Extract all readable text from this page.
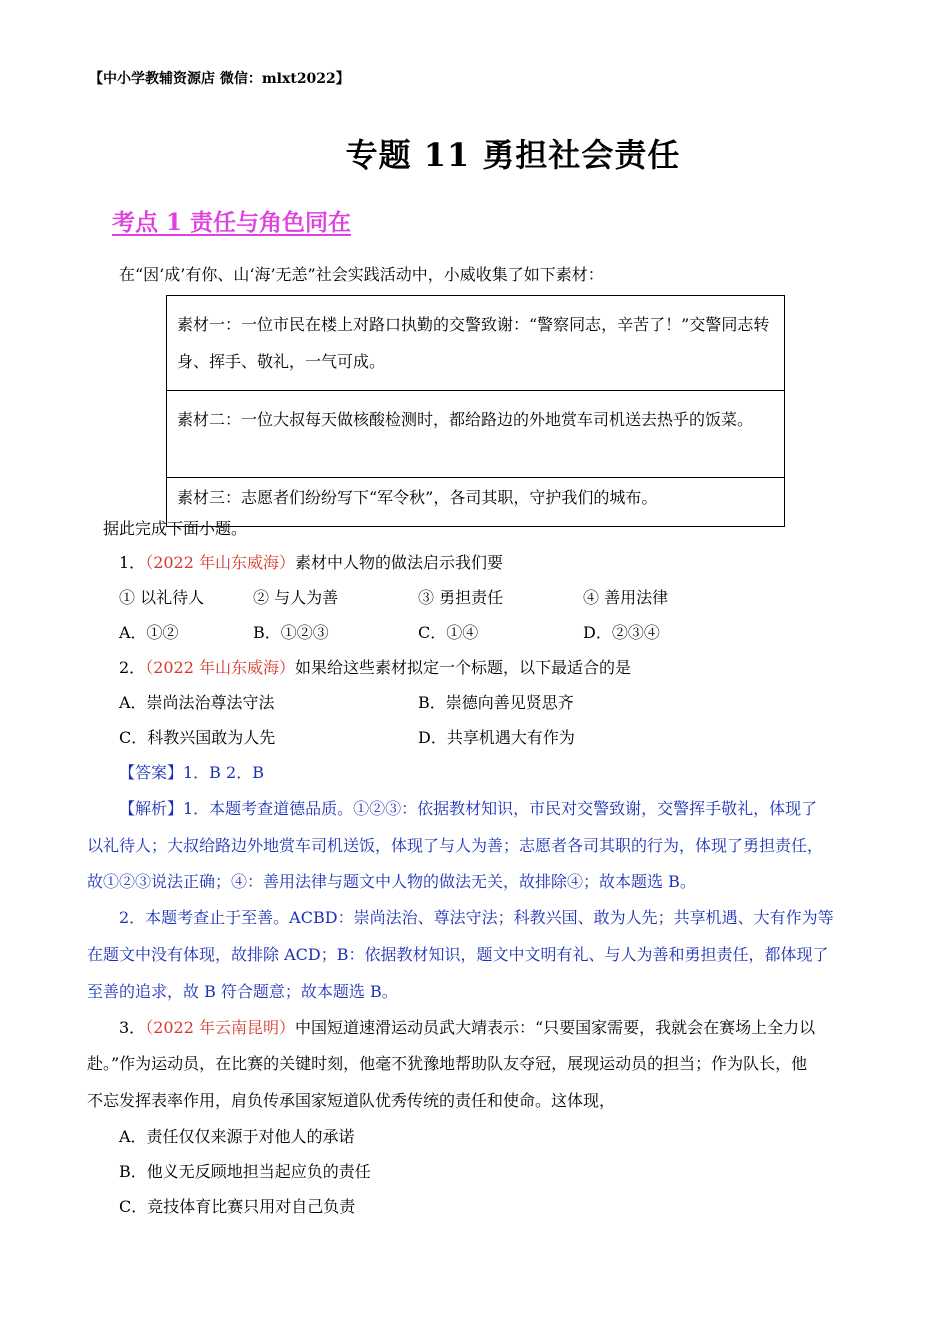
【中小学教辅资源店 微信：mlxt2022】
专题 11 勇担社会责任
考点 1 责任与角色同在
在“因‘成’有你、山‘海’无恙”社会实践活动中，小威收集了如下素材：
素材一：一位市民在楼上对路口执勤的交警致谢：“警察同志，辛苦了！”交警同志转身、挥手、敬礼，一气可成。
素材二：一位大叔每天做核酸检测时，都给路边的外地赏车司机送去热乎的饭菜。
素材三：志愿者们纷纷写下“军令秋”，各司其职，守护我们的城布。
据此完成下面小题。
1．（2022 年山东威海）素材中人物的做法启示我们要
① 以礼待人	② 与人为善	③ 勇担责任	④ 善用法律
A．①②	B．①②③	C．①④	D．②③④
2．（2022 年山东威海）如果给这些素材拟定一个标题，以下最适合的是
A．崇尚法治尊法守法	B．崇德向善见贤思齐
C．科教兴国敢为人先	D．共享机遇大有作为
【答案】1．B 2．B
【解析】1．本题考查道德品质。①②③：依据教材知识，市民对交警致谢，交警挥手敬礼，体现了
以礼待人；大叔给路边外地赏车司机送饭，体现了与人为善；志愿者各司其职的行为，体现了勇担责任，
故①②③说法正确；④：善用法律与题文中人物的做法无关，故排除④；故本题选 B。
2．本题考查止于至善。ACBD：崇尚法治、尊法守法；科教兴国、敢为人先；共享机遇、大有作为等
在题文中没有体现，故排除 ACD；B：依据教材知识，题文中文明有礼、与人为善和勇担责任，都体现了
至善的追求，故 B 符合题意；故本题选 B。
3．（2022 年云南昆明）中国短道速滑运动员武大靖表示：“只要国家需要，我就会在赛场上全力以
赴。”作为运动员，在比赛的关键时刻，他毫不犹豫地帮助队友夺冠，展现运动员的担当；作为队长，他
不忘发挥表率作用，肩负传承国家短道队优秀传统的责任和使命。这体现，
A．责任仅仅来源于对他人的承诺
B．他义无反顾地担当起应负的责任
C．竞技体育比赛只用对自己负责
